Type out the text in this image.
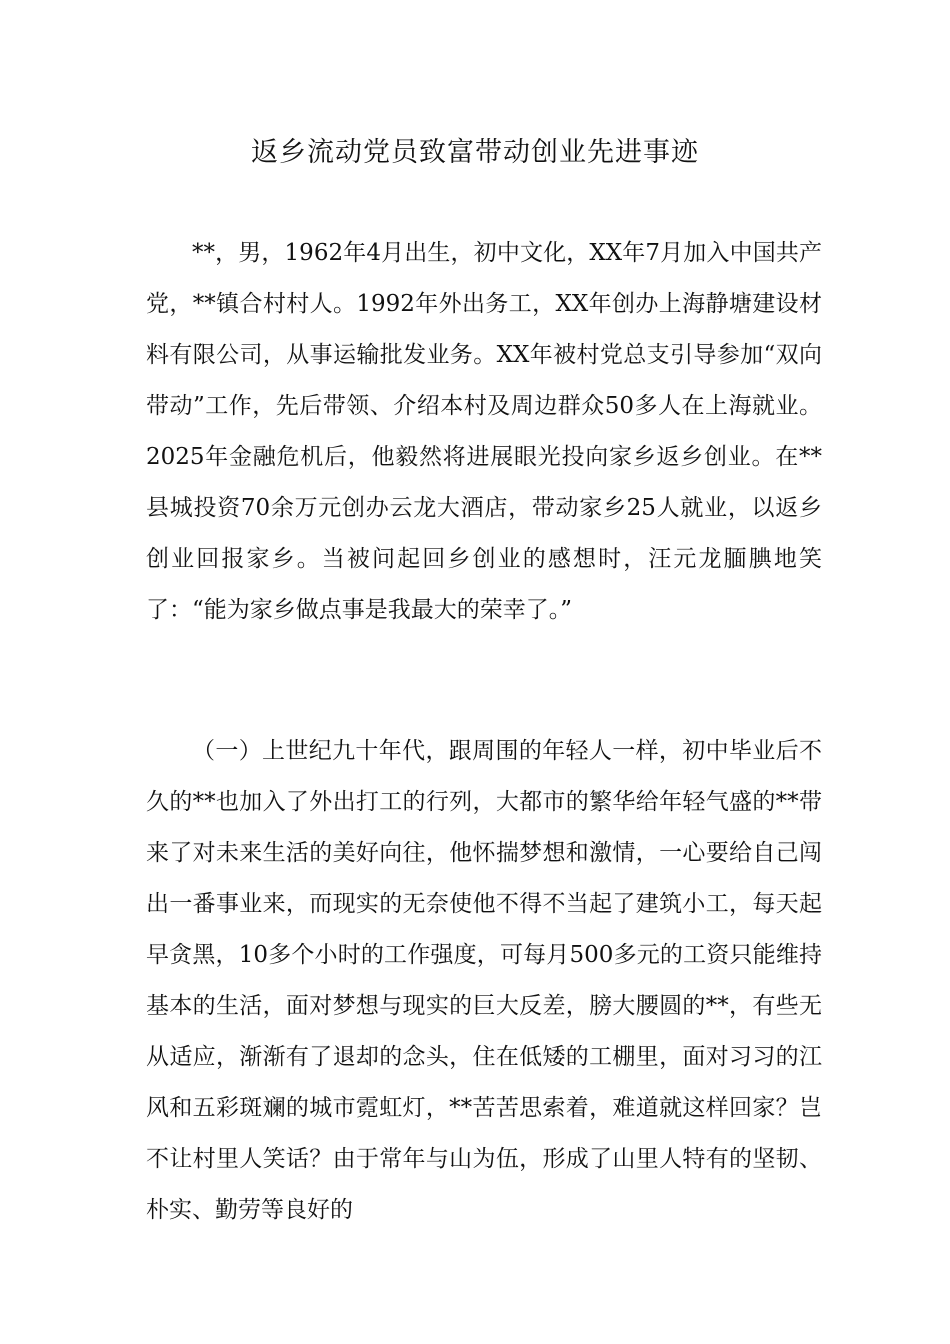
返乡流动党员致富带动创业先进事迹

**，男，1962年4月出生，初中文化，XX年7月加入中国共产党，**镇合村村人。1992年外出务工，XX年创办上海静塘建设材料有限公司，从事运输批发业务。XX年被村党总支引导参加“双向带动”工作，先后带领、介绍本村及周边群众50多人在上海就业。2025年金融危机后，他毅然将进展眼光投向家乡返乡创业。在**县城投资70余万元创办云龙大酒店，带动家乡25人就业，以返乡创业回报家乡。当被问起回乡创业的感想时，汪元龙腼腆地笑了：“能为家乡做点事是我最大的荣幸了。”

（一）上世纪九十年代，跟周围的年轻人一样，初中毕业后不久的**也加入了外出打工的行列，大都市的繁华给年轻气盛的**带来了对未来生活的美好向往，他怀揣梦想和激情，一心要给自己闯出一番事业来，而现实的无奈使他不得不当起了建筑小工，每天起早贪黑，10多个小时的工作强度，可每月500多元的工资只能维持基本的生活，面对梦想与现实的巨大反差，膀大腰圆的**，有些无从适应，渐渐有了退却的念头，住在低矮的工棚里，面对习习的江风和五彩斑斓的城市霓虹灯，**苦苦思索着，难道就这样回家？岂不让村里人笑话？由于常年与山为伍，形成了山里人特有的坚韧、朴实、勤劳等良好的
